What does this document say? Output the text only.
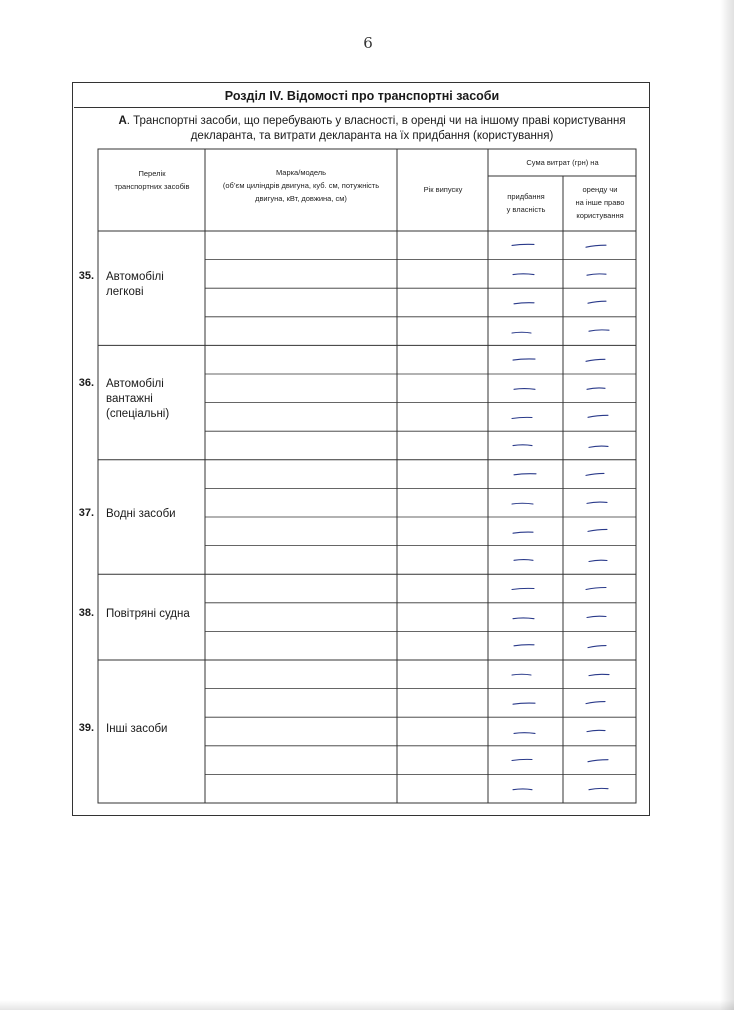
6
Розділ IV. Відомості про транспортні засоби
А. Транспортні засоби, що перебувають у власності, в оренді чи на іншому праві користування
декларанта, та витрати декларанта на їх придбання (користування)
Перелік
транспортних засобів
Марка/модель
(об’єм циліндрів двигуна, куб. см, потужність
двигуна, кВт, довжина, см)
Рік випуску
Сума витрат (грн) на
придбання
у власність
оренду чи
на інше право
користування
35. Автомобілі
легкові
36. Автомобілі
вантажні
(спеціальні)
37. Водні засоби
38. Повітряні судна
39. Інші засоби
